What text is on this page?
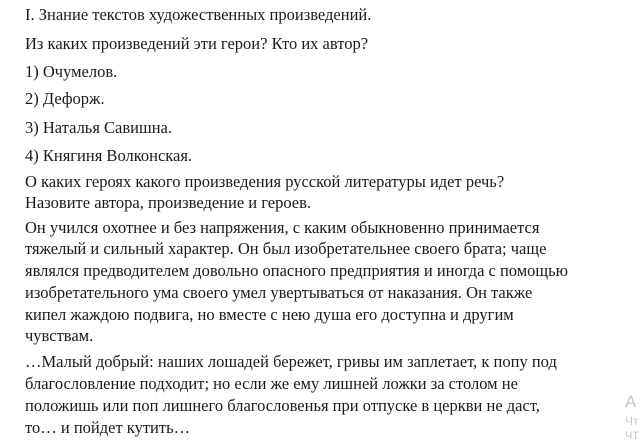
I. Знание текстов художественных произведений.
Из каких произведений эти герои? Кто их автор?
1) Очумелов.
2) Дефорж.
3) Наталья Савишна.
4) Княгиня Волконская.
О каких героях какого произведения русской литературы идет речь?
Назовите автора, произведение и героев.
Он учился охотнее и без напряжения, с каким обыкновенно принимается
тяжелый и сильный характер. Он был изобретательнее своего брата; чаще
являлся предводителем довольно опасного предприятия и иногда с помощью
изобретательного ума своего умел увертываться от наказания. Он также
кипел жаждою подвига, но вместе с нею душа его доступна и другим
чувствам.
…Малый добрый: наших лошадей бережет, гривы им заплетает, к попу под
благословление подходит; но если же ему лишней ложки за столом не
положишь или поп лишнего благословенья при отпуске в церкви не даст,
то… и пойдет кутить…
А
Чт
ЧТ
